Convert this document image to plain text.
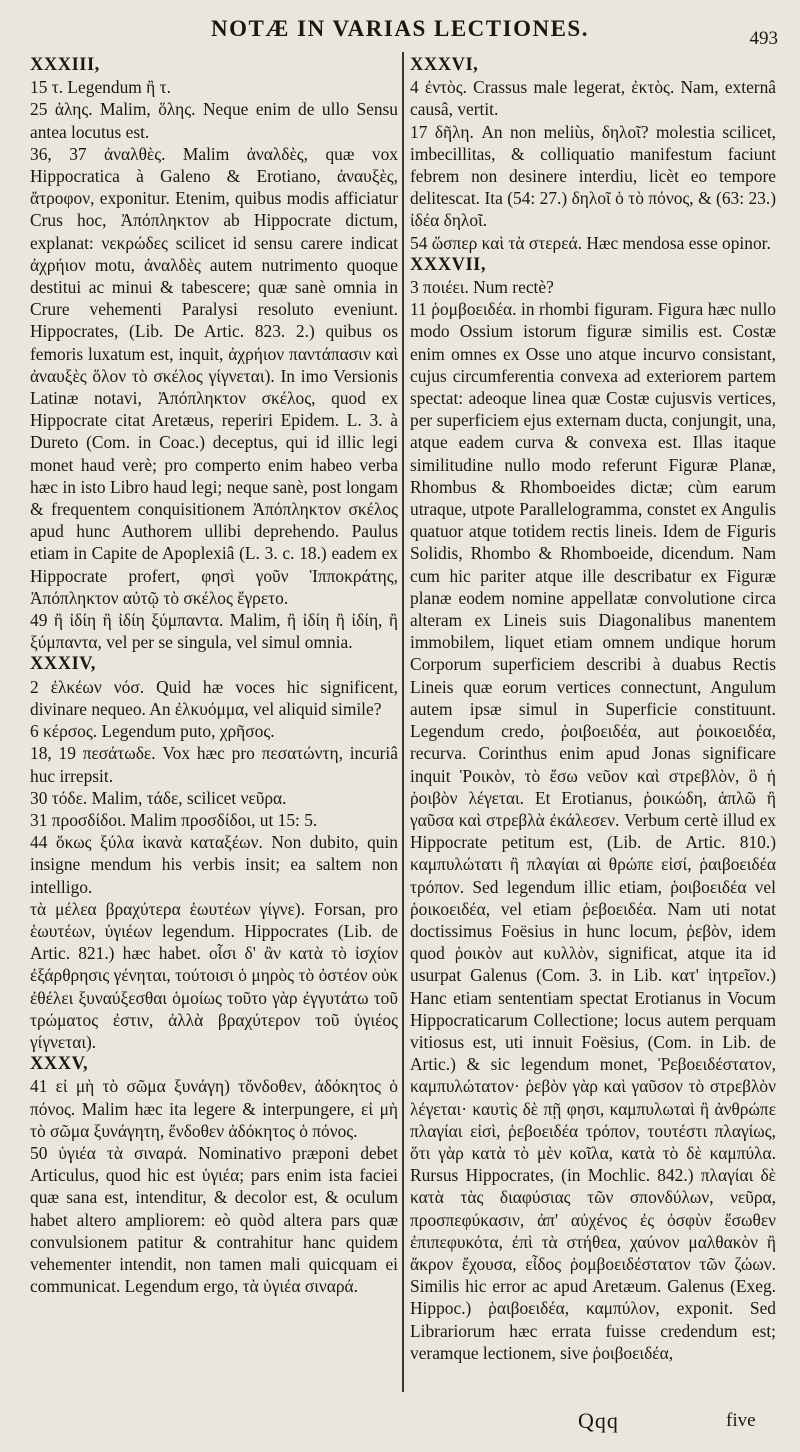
NOTÆ IN VARIAS LECTIONES.	493
XXXIII,
15 τ. Legendum ἢ τ.
25 ἀλης. Malim, ὅλης. Neque enim de ullo Sensu antea locutus est.
36, 37 ἀναλθὲς. Malim ἀναλδὲς, quæ vox Hippocratica à Galeno & Erotiano, ἀναυξὲς, ἄτροφον, exponitur. Etenim, quibus modis afficiatur Crus hoc, Ἀπόπληκτον ab Hippocrate dictum, explanat: νεκρώδες scilicet id sensu carere indicat ἀχρήιον motu, ἀναλδὲς autem nutrimento quoque destitui ac minui & tabescere; quæ sanè omnia in Crure vehementi Paralysi resoluto eveniunt. Hippocrates, (Lib. De Artic. 823. 2.) quibus os femoris luxatum est, inquit, ἀχρήιον παντάπασιν καὶ ἀναυξὲς ὅλον τὸ σκέλος γίγνεται). In imo Versionis Latinæ notavi, Ἀπόπληκτον σκέλος, quod ex Hippocrate citat Aretæus, reperiri Epidem. L. 3. à Dureto (Com. in Coac.) deceptus, qui id illic legi monet haud verè; pro comperto enim habeo verba hæc in isto Libro haud legi; neque sanè, post longam & frequentem conquisitionem Ἀπόπληκτον σκέλος apud hunc Authorem ullibi deprehendo. Paulus etiam in Capite de Apoplexiâ (L. 3. c. 18.) eadem ex Hippocrate profert, φησὶ γοῦν Ἱπποκράτης, Ἀπόπληκτον αὐτῷ τὸ σκέλος ἔγρετο.
49 ἢ ἰδίη ἢ ἰδίη ξύμπαντα. Malim, ἢ ἰδίη ἢ ἰδίη, ἢ ξύμπαντα, vel per se singula, vel simul omnia.
XXXIV,
2 ἐλκέων νόσ. Quid hæ voces hic significent, divinare nequeo. An ἐλκυόμμα, vel aliquid simile?
6 κέρσος. Legendum puto, χρῆσος.
18, 19 πεσάτωδε. Vox hæc pro πεσατώντη, incuriâ huc irrepsit.
30 τόδε. Malim, τάδε, scilicet νεῦρα.
31 προσδίδοι. Malim προσδίδοι, ut 15: 5.
44 ὅκως ξύλα ἱκανὰ καταξέων. Non dubito, quin insigne mendum his verbis insit; ea saltem non intelligo.
τὰ μέλεα βραχύτερα ἑωυτέων γίγνε). Forsan, pro ἑωυτέων, ὑγιέων legendum. Hippocrates (Lib. de Artic. 821.) hæc habet. οἷσι δ' ἂν κατὰ τὸ ἰσχίον ἐξάρθρησις γένηται, τούτοισι ὁ μηρὸς τὸ ὀστέον οὐκ ἐθέλει ξυναύξεσθαι ὁμοίως τοῦτο γὰρ ἐγγυτάτω τοῦ τρώματος ἐστιν, ἀλλὰ βραχύτερον τοῦ ὑγιέος γίγνεται).
XXXV,
41 εἰ μὴ τὸ σῶμα ξυνάγη) τὄνδοθεν, ἀδόκητος ὁ πόνος. Malim hæc ita legere & interpungere, εἰ μὴ τὸ σῶμα ξυνάγητη, ἔνδοθεν ἀδόκητος ὁ πόνος.
50 ὑγιέα τὰ σιναρά. Nominativo præponi debet Articulus, quod hic est ὑγιέα; pars enim ista faciei quæ sana est, intenditur, & decolor est, & oculum habet altero ampliorem: eò quòd altera pars quæ convulsionem patitur & contrahitur hanc quidem vehementer intendit, non tamen mali quicquam ei communicat. Legendum ergo, τὰ ὑγιέα σιναρά.
XXXVI,
4 ἐντὸς. Crassus male legerat, ἐκτὸς. Nam, externâ causâ, vertit.
17 δῆλη. An non meliùs, δηλοῖ? molestia scilicet, imbecillitas, & colliquatio manifestum faciunt febrem non desinere interdiu, licèt eo tempore delitescat. Ita (54: 27.) δηλοῖ ὁ τὸ πόνος, & (63: 23.) ἰδέα δηλοῖ.
54 ὥσπερ καὶ τὰ στερεά. Hæc mendosa esse opinor.
XXXVII,
3 ποιέει. Num rectè?
11 ῥομβοειδέα. in rhombi figuram. Figura hæc nullo modo Ossium istorum figuræ similis est. Costæ enim omnes ex Osse uno atque incurvo consistant, cujus circumferentia convexa ad exteriorem partem spectat: adeoque linea quæ Costæ cujusvis vertices, per superficiem ejus externam ducta, conjungit, una, atque eadem curva & convexa est. Illas itaque similitudine nullo modo referunt Figuræ Planæ, Rhombus & Rhomboeides dictæ; cùm earum utraque, utpote Parallelogramma, constet ex Angulis quatuor atque totidem rectis lineis. Idem de Figuris Solidis, Rhombo & Rhomboeide, dicendum. Nam cum hic pariter atque ille describatur ex Figuræ planæ eodem nomine appellatæ convolutione circa alteram ex Lineis suis Diagonalibus manentem immobilem, liquet etiam omnem undique horum Corporum superficiem describi à duabus Rectis Lineis quæ eorum vertices connectunt, Angulum autem ipsæ simul in Superficie constituunt. Legendum credo, ῥοιβοειδέα, aut ῥοικοειδέα, recurva. Corinthus enim apud Jonas significare inquit Ῥοικὸν, τὸ ἔσω νεῦον καὶ στρεβλὸν, ὃ ἡ ῥοιβὸν λέγεται. Et Erotianus, ῥοικώδη, ἁπλῶ ἢ γαῦσα καὶ στρεβλὰ ἐκάλεσεν. Verbum certè illud ex Hippocrate petitum est, (Lib. de Artic. 810.) καμπυλώτατι ἢ πλαγίαι αἱ θρώπε εἰσί, ῥαιβοειδέα τρόπον. Sed legendum illic etiam, ῥοιβοειδέα vel ῥοικοειδέα, vel etiam ῥεβοειδέα. Nam uti notat doctissimus Foësius in hunc locum, ῥεβὸν, idem quod ῥοικὸν aut κυλλὸν, significat, atque ita id usurpat Galenus (Com. 3. in Lib. κατ' ἰητρεῖον.) Hanc etiam sententiam spectat Erotianus in Vocum Hippocraticarum Collectione; locus autem perquam vitiosus est, uti innuit Foësius, (Com. in Lib. de Artic.) & sic legendum monet, Ῥεβοειδέστατον, καμπυλώτατον· ῥεβὸν γὰρ καὶ γαῦσον τὸ στρεβλὸν λέγεται· καυτὶς δὲ πῇ φησι, καμπυλωταὶ ἢ ἀνθρώπε πλαγίαι εἰσὶ, ῥεβοειδέα τρόπον, τουτέστι πλαγίως, ὅτι γὰρ κατὰ τὸ μὲν κοῖλα, κατὰ τὸ δὲ καμπύλα. Rursus Hippocrates, (in Mochlic. 842.) πλαγίαι δὲ κατὰ τὰς διαφύσιας τῶν σπονδύλων, νεῦρα, προσπεφύκασιν, ἀπ' αὐχένος ἐς ὀσφὺν ἔσωθεν ἐπιπεφυκότα, ἐπὶ τὰ στήθεα, χαύνον μαλθακὸν ἢ ἄκρον ἔχουσα, εἶδος ῥομβοειδέστατον τῶν ζώων. Similis hic error ac apud Aretæum. Galenus (Exeg. Hippoc.) ῥαιβοειδέα, καμπύλον, exponit. Sed Librariorum hæc errata fuisse credendum est; veramque lectionem, sive ῥοιβοειδέα,
Qqq	five
